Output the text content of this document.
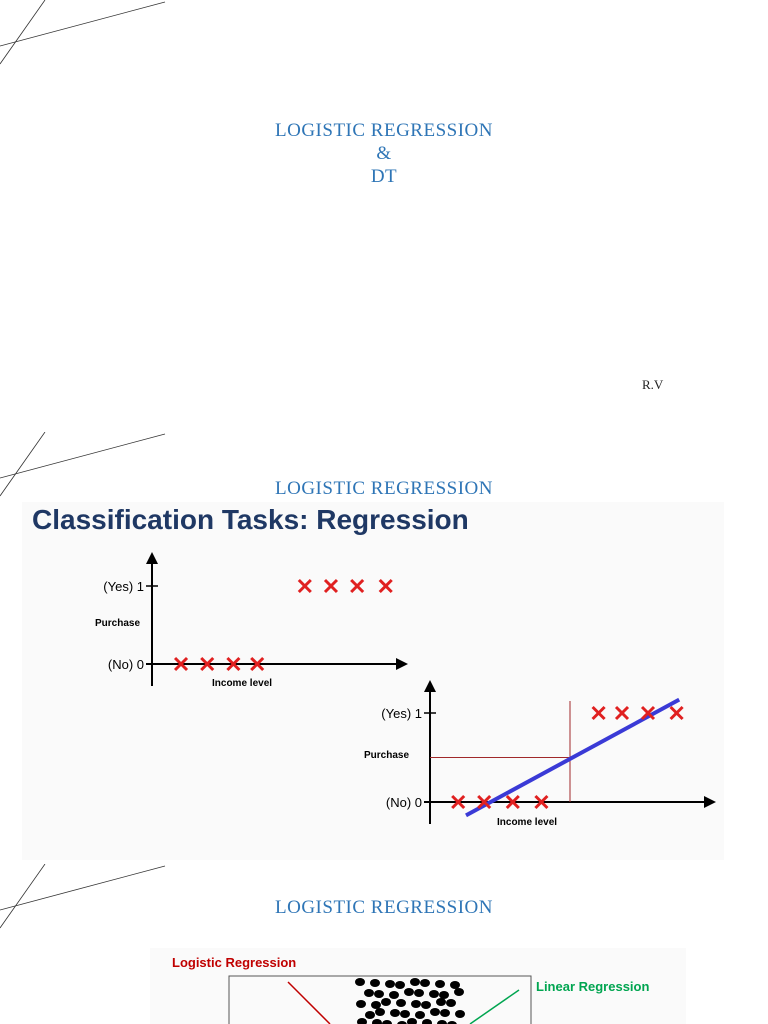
LOGISTIC REGRESSION
&
DT
R.V
LOGISTIC REGRESSION
Classification Tasks: Regression
(No) 0
(Yes) 1
Purchase
Income level
(No) 0
(Yes) 1
Purchase
Income level
LOGISTIC REGRESSION
Logistic Regression
Linear Regression
